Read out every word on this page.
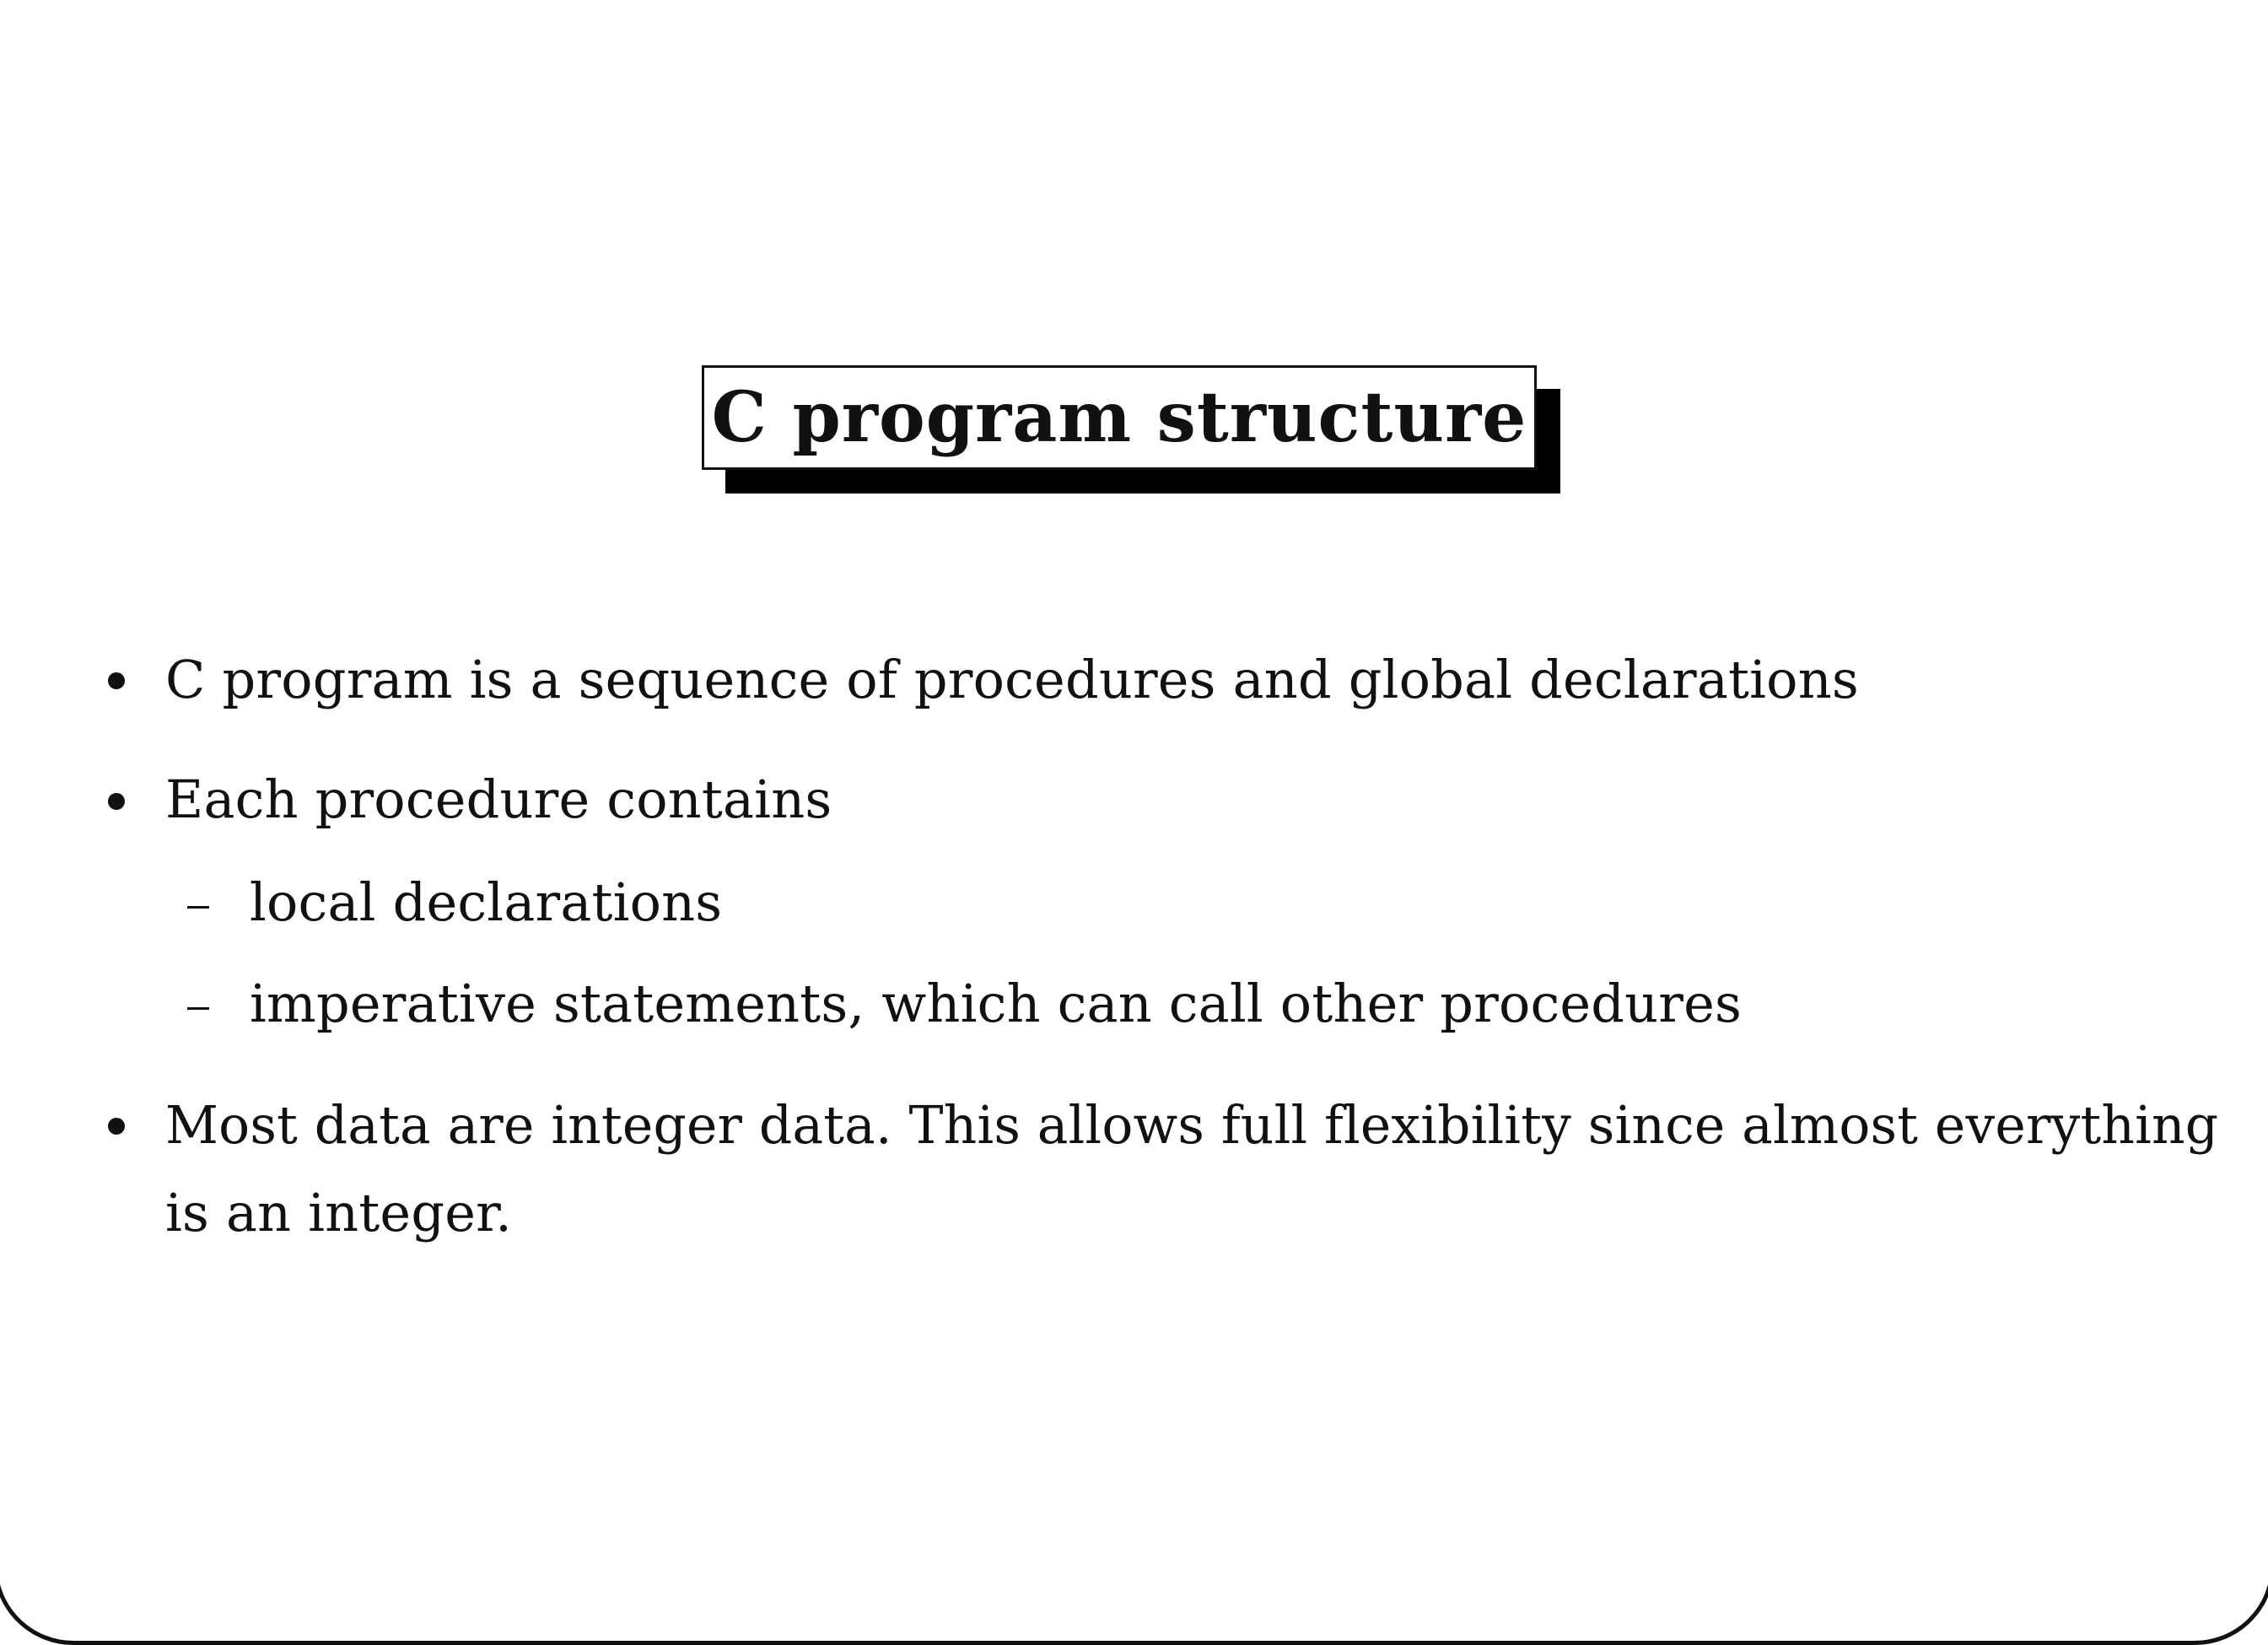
C program structure
C program is a sequence of procedures and global declarations
Each procedure contains
local declarations
imperative statements, which can call other procedures
Most data are integer data. This allows full flexibility since almost everything
is an integer.
